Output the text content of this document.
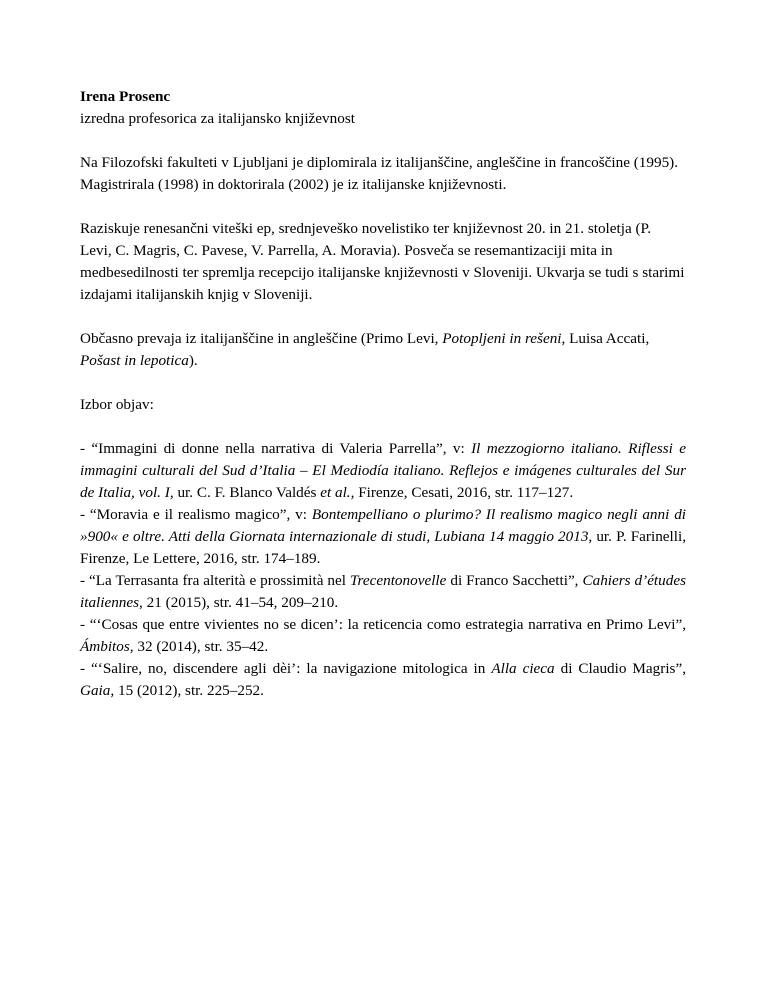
Irena Prosenc
izredna profesorica za italijansko književnost

Na Filozofski fakulteti v Ljubljani je diplomirala iz italijanščine, angleščine in francoščine (1995). Magistrirala (1998) in doktorirala (2002) je iz italijanske književnosti.

Raziskuje renesančni viteški ep, srednjeveško novelistiko ter književnost 20. in 21. stoletja (P. Levi, C. Magris, C. Pavese, V. Parrella, A. Moravia). Posveča se resemantizaciji mita in medbesedilnosti ter spremlja recepcijo italijanske književnosti v Sloveniji. Ukvarja se tudi s starimi izdajami italijanskih knjig v Sloveniji.

Občasno prevaja iz italijanščine in angleščine (Primo Levi, Potopljeni in rešeni, Luisa Accati, Pošast in lepotica).

Izbor objav:

- “Immagini di donne nella narrativa di Valeria Parrella”, v: Il mezzogiorno italiano. Riflessi e immagini culturali del Sud d’Italia – El Mediodía italiano. Reflejos e imágenes culturales del Sur de Italia, vol. I, ur. C. F. Blanco Valdés et al., Firenze, Cesati, 2016, str. 117–127.

- “Moravia e il realismo magico”, v: Bontempelliano o plurimo? Il realismo magico negli anni di »900« e oltre. Atti della Giornata internazionale di studi, Lubiana 14 maggio 2013, ur. P. Farinelli, Firenze, Le Lettere, 2016, str. 174–189.

- “La Terrasanta fra alterità e prossimità nel Trecentonovelle di Franco Sacchetti”, Cahiers d’études italiennes, 21 (2015), str. 41–54, 209–210.

- “‘Cosas que entre vivientes no se dicen’: la reticencia como estrategia narrativa en Primo Levi”, Ámbitos, 32 (2014), str. 35–42.

- “‘Salire, no, discendere agli dèi’: la navigazione mitologica in Alla cieca di Claudio Magris”, Gaia, 15 (2012), str. 225–252.
